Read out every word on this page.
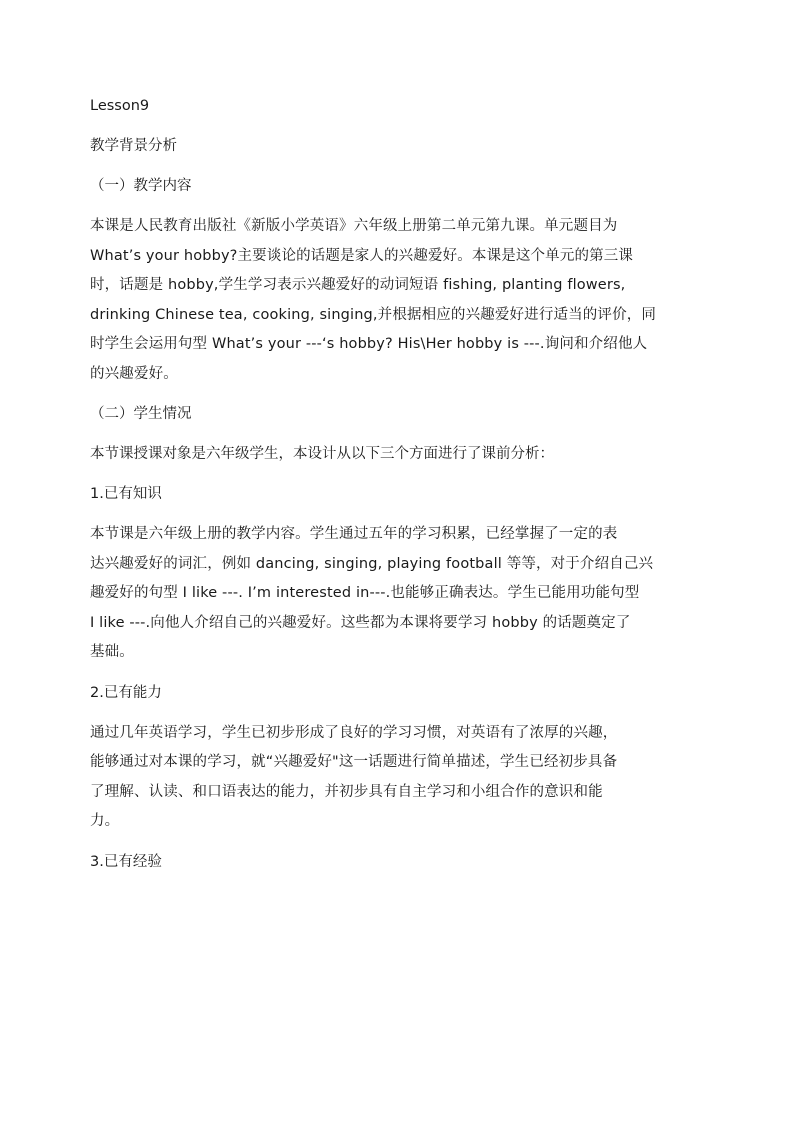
Lesson9
教学背景分析
（一）教学内容
本课是人民教育出版社《新版小学英语》六年级上册第二单元第九课。单元题目为
What’s your hobby?主要谈论的话题是家人的兴趣爱好。本课是这个单元的第三课
时，话题是 hobby,学生学习表示兴趣爱好的动词短语 fishing, planting flowers,
drinking Chinese tea, cooking, singing,并根据相应的兴趣爱好进行适当的评价，同
时学生会运用句型 What’s your ---‘s hobby? His\Her hobby is ---.询问和介绍他人
的兴趣爱好。
（二）学生情况
本节课授课对象是六年级学生，本设计从以下三个方面进行了课前分析：
1.已有知识
本节课是六年级上册的教学内容。学生通过五年的学习积累，已经掌握了一定的表
达兴趣爱好的词汇，例如 dancing, singing, playing football 等等，对于介绍自己兴
趣爱好的句型 I like ---. I’m interested in---.也能够正确表达。学生已能用功能句型
I like ---.向他人介绍自己的兴趣爱好。这些都为本课将要学习 hobby 的话题奠定了
基础。
2.已有能力
通过几年英语学习，学生已初步形成了良好的学习习惯，对英语有了浓厚的兴趣，
能够通过对本课的学习，就“兴趣爱好"这一话题进行简单描述，学生已经初步具备
了理解、认读、和口语表达的能力，并初步具有自主学习和小组合作的意识和能
力。
3.已有经验
